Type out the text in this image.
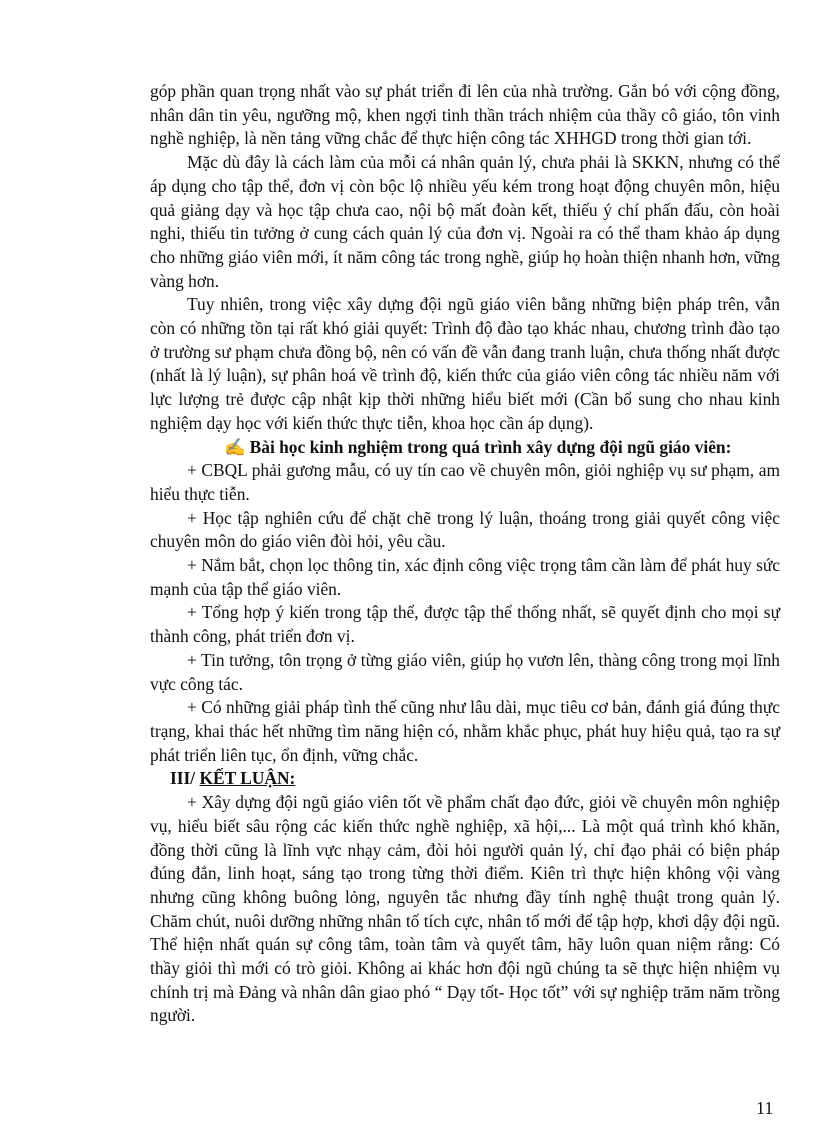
góp phần quan trọng nhất vào sự phát triển đi lên của nhà trường. Gắn bó với cộng đồng, nhân dân tin yêu, ngưỡng mộ, khen ngợi tinh thần trách nhiệm của thầy cô giáo, tôn vinh nghề nghiệp, là nền tảng vững chắc để thực hiện công tác XHHGD trong thời gian tới.

Mặc dù đây là cách làm của mỗi cá nhân quản lý, chưa phải là SKKN, nhưng có thể áp dụng cho tập thể, đơn vị còn bộc lộ nhiều yếu kém trong hoạt động chuyên môn, hiệu quả giảng dạy và học tập chưa cao, nội bộ mất đoàn kết, thiếu ý chí phấn đấu, còn hoài nghi, thiếu tin tưởng ở cung cách quản lý của đơn vị. Ngoài ra có thể tham khảo áp dụng cho những giáo viên mới, ít năm công tác trong nghề, giúp họ hoàn thiện nhanh hơn, vững vàng hơn.

Tuy nhiên, trong việc xây dựng đội ngũ giáo viên bằng những biện pháp trên, vẫn còn có những tồn tại rất khó giải quyết: Trình độ đào tạo khác nhau, chương trình đào tạo ở trường sư phạm chưa đồng bộ, nên có vấn đề vẫn đang tranh luận, chưa thống nhất được (nhất là lý luận), sự phân hoá về trình độ, kiến thức của giáo viên công tác nhiều năm với lực lượng trẻ được cập nhật kịp thời những hiểu biết mới (Cần bổ sung cho nhau kinh nghiệm dạy học với kiến thức thực tiễn, khoa học cần áp dụng).

✍ Bài học kinh nghiệm trong quá trình xây dựng đội ngũ giáo viên:

+ CBQL phải gương mẫu, có uy tín cao về chuyên môn, giỏi nghiệp vụ sư phạm, am hiểu thực tiễn.

+ Học tập nghiên cứu để chặt chẽ trong lý luận, thoáng trong giải quyết công việc chuyên môn do giáo viên đòi hỏi, yêu cầu.

+ Nắm bắt, chọn lọc thông tin, xác định công việc trọng tâm cần làm để phát huy sức mạnh của tập thể giáo viên.

+ Tổng hợp ý kiến trong tập thể, được tập thể thống nhất, sẽ quyết định cho mọi sự thành công, phát triển đơn vị.

+ Tin tưởng, tôn trọng ở từng giáo viên, giúp họ vươn lên, thàng công trong mọi lĩnh vực công tác.

+ Có những giải pháp tình thế cũng như lâu dài, mục tiêu cơ bản, đánh giá đúng thực trạng, khai thác hết những tìm năng hiện có, nhằm khắc phục, phát huy hiệu quả, tạo ra sự phát triển liên tục, ổn định, vững chắc.

III/ KẾT LUẬN:

+ Xây dựng đội ngũ giáo viên tốt về phẩm chất đạo đức, giỏi về chuyên môn nghiệp vụ, hiểu biết sâu rộng các kiến thức nghề nghiệp, xã hội,... Là một quá trình khó khăn, đồng thời cũng là lĩnh vực nhạy cảm, đòi hỏi người quản lý, chỉ đạo phải có biện pháp đúng đắn, linh hoạt, sáng tạo trong từng thời điểm. Kiên trì thực hiện không vội vàng nhưng cũng không buông lỏng, nguyên tắc nhưng đầy tính nghệ thuật trong quản lý. Chăm chút, nuôi dưỡng những nhân tố tích cực, nhân tố mới để tập hợp, khơi dậy đội ngũ. Thể hiện nhất quán sự công tâm, toàn tâm và quyết tâm, hãy luôn quan niệm rằng: Có thầy giỏi thì mới có trò giỏi. Không ai khác hơn đội ngũ chúng ta sẽ thực hiện nhiệm vụ chính trị mà Đảng và nhân dân giao phó “ Dạy tốt- Học tốt” với sự nghiệp trăm năm trồng người.

11
